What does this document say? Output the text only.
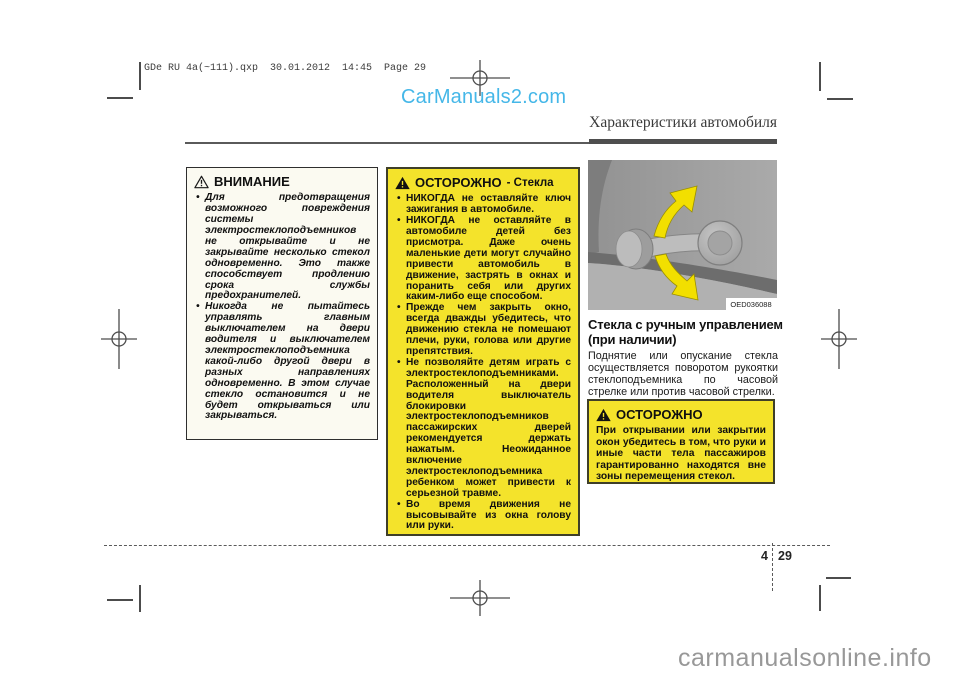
GDe RU 4a(~111).qxp  30.01.2012  14:45  Page 29
CarManuals2.com
carmanualsonline.info
Характеристики автомобиля
ВНИМАНИЕ
• Для предотвращения возможного повреждения системы электростеклоподъемников не открывайте и не закрывайте несколько стекол одновременно. Это также способствует продлению срока службы предохранителей.
• Никогда не пытайтесь управлять главным выключателем на двери водителя и выключателем электростеклоподъемника какой-либо другой двери в разных направлениях одновременно. В этом случае стекло остановится и не будет открываться или закрываться.
ОСТОРОЖНО - Стекла
• НИКОГДА не оставляйте ключ зажигания в автомобиле.
• НИКОГДА не оставляйте в автомобиле детей без присмотра. Даже очень маленькие дети могут случайно привести автомобиль в движение, застрять в окнах и поранить себя или других каким-либо еще способом.
• Прежде чем закрыть окно, всегда дважды убедитесь, что движению стекла не помешают плечи, руки, голова или другие препятствия.
• Не позволяйте детям играть с электростеклоподъемниками. Расположенный на двери водителя выключатель блокировки электростеклоподъемников пассажирских дверей рекомендуется держать нажатым. Неожиданное включение электростеклоподъемника ребенком может привести к серьезной травме.
• Во время движения не высовывайте из окна голову или руки.
OED036088
Стекла с ручным управлением (при наличии)
Поднятие или опускание стекла осуществляется поворотом рукоятки стеклоподъемника по часовой стрелке или против часовой стрелки.
ОСТОРОЖНО
При открывании или закрытии окон убедитесь в том, что руки и иные части тела пассажиров гарантированно находятся вне зоны перемещения стекол.
4 29
